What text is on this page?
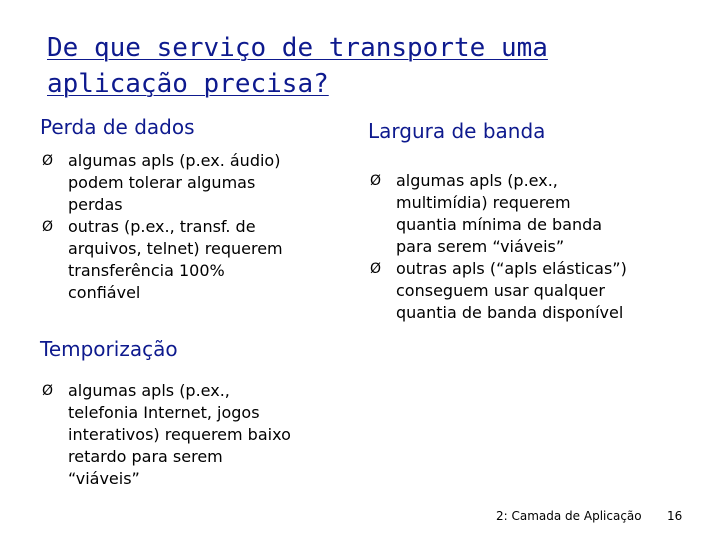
De que serviço de transporte uma
aplicação precisa?
Perda de dados
Ø algumas apls (p.ex. áudio)
podem tolerar algumas
perdas
Ø outras (p.ex., transf. de
arquivos, telnet) requerem
transferência 100%
confiável
Largura de banda
Ø algumas apls (p.ex.,
multimídia) requerem
quantia mínima de banda
para serem “viáveis”
Ø outras apls (“apls elásticas”)
conseguem usar qualquer
quantia de banda disponível
Temporização
Ø algumas apls (p.ex.,
telefonia Internet, jogos
interativos) requerem baixo
retardo para serem
“viáveis”
2: Camada de Aplicação 16
